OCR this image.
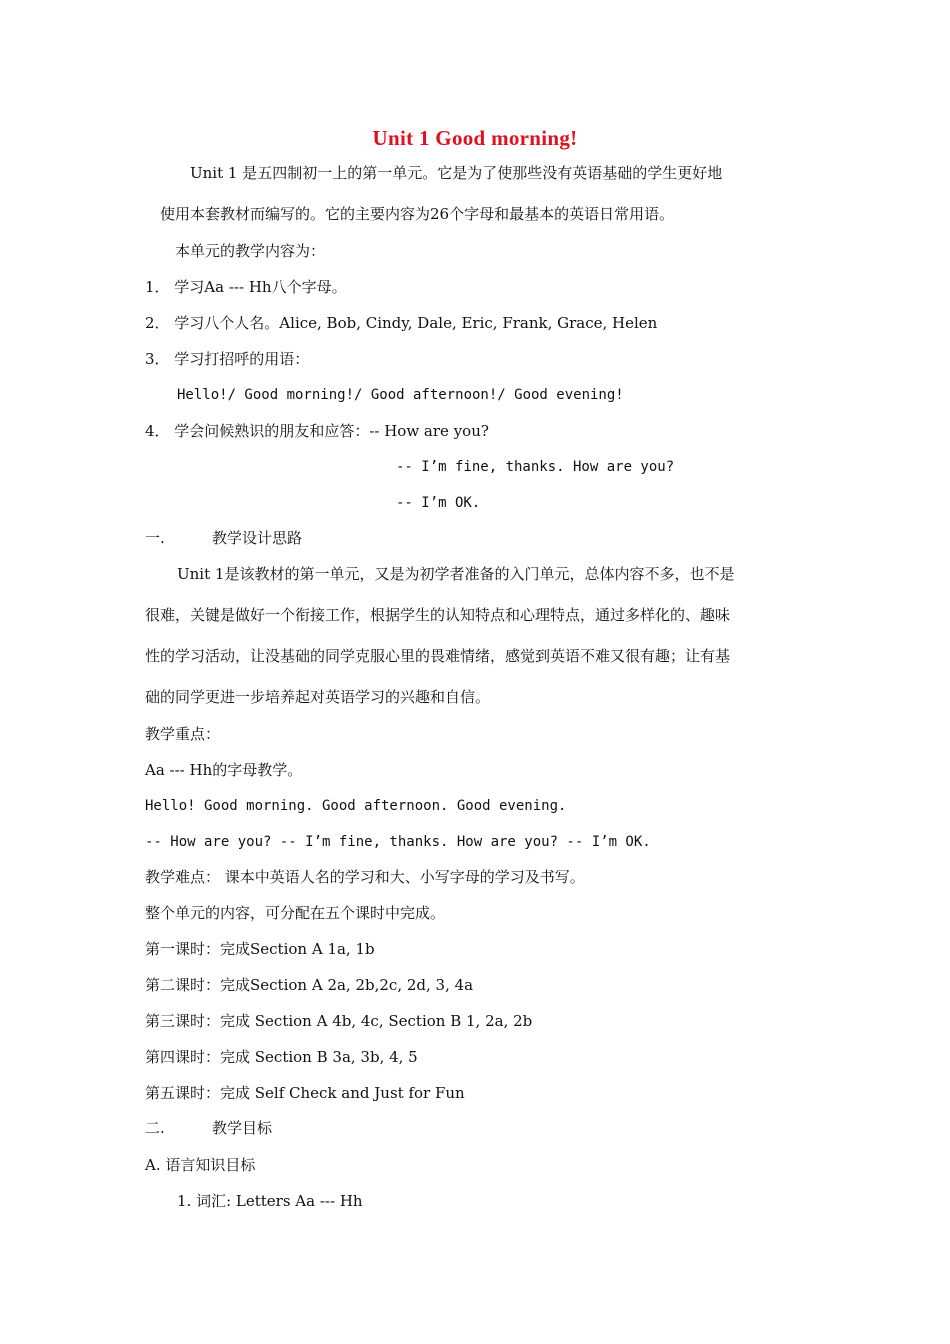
Unit 1 Good morning!
Unit 1 是五四制初一上的第一单元。它是为了使那些没有英语基础的学生更好地
使用本套教材而编写的。它的主要内容为26个字母和最基本的英语日常用语。
本单元的教学内容为：
1． 学习Aa --- Hh八个字母。
2． 学习八个人名。Alice, Bob, Cindy, Dale, Eric, Frank, Grace, Helen
3． 学习打招呼的用语：
Hello!/ Good morning!/ Good afternoon!/ Good evening!
4． 学会问候熟识的朋友和应答：-- How are you?
-- I’m fine, thanks. How are you?
-- I’m OK.
一.	教学设计思路
Unit 1是该教材的第一单元，又是为初学者准备的入门单元，总体内容不多，也不是
很难，关键是做好一个衔接工作，根据学生的认知特点和心理特点，通过多样化的、趣味
性的学习活动，让没基础的同学克服心里的畏难情绪，感觉到英语不难又很有趣；让有基
础的同学更进一步培养起对英语学习的兴趣和自信。
教学重点：
Aa --- Hh的字母教学。
Hello! Good morning. Good afternoon. Good evening.
-- How are you? -- I’m fine, thanks. How are you? -- I’m OK.
教学难点： 课本中英语人名的学习和大、小写字母的学习及书写。
整个单元的内容，可分配在五个课时中完成。
第一课时：完成Section A 1a, 1b
第二课时：完成Section A 2a, 2b,2c, 2d, 3, 4a
第三课时：完成 Section A 4b, 4c, Section B 1, 2a, 2b
第四课时：完成 Section B 3a, 3b, 4, 5
第五课时：完成 Self Check and Just for Fun
二.	教学目标
A. 语言知识目标
1. 词汇: Letters Aa --- Hh
